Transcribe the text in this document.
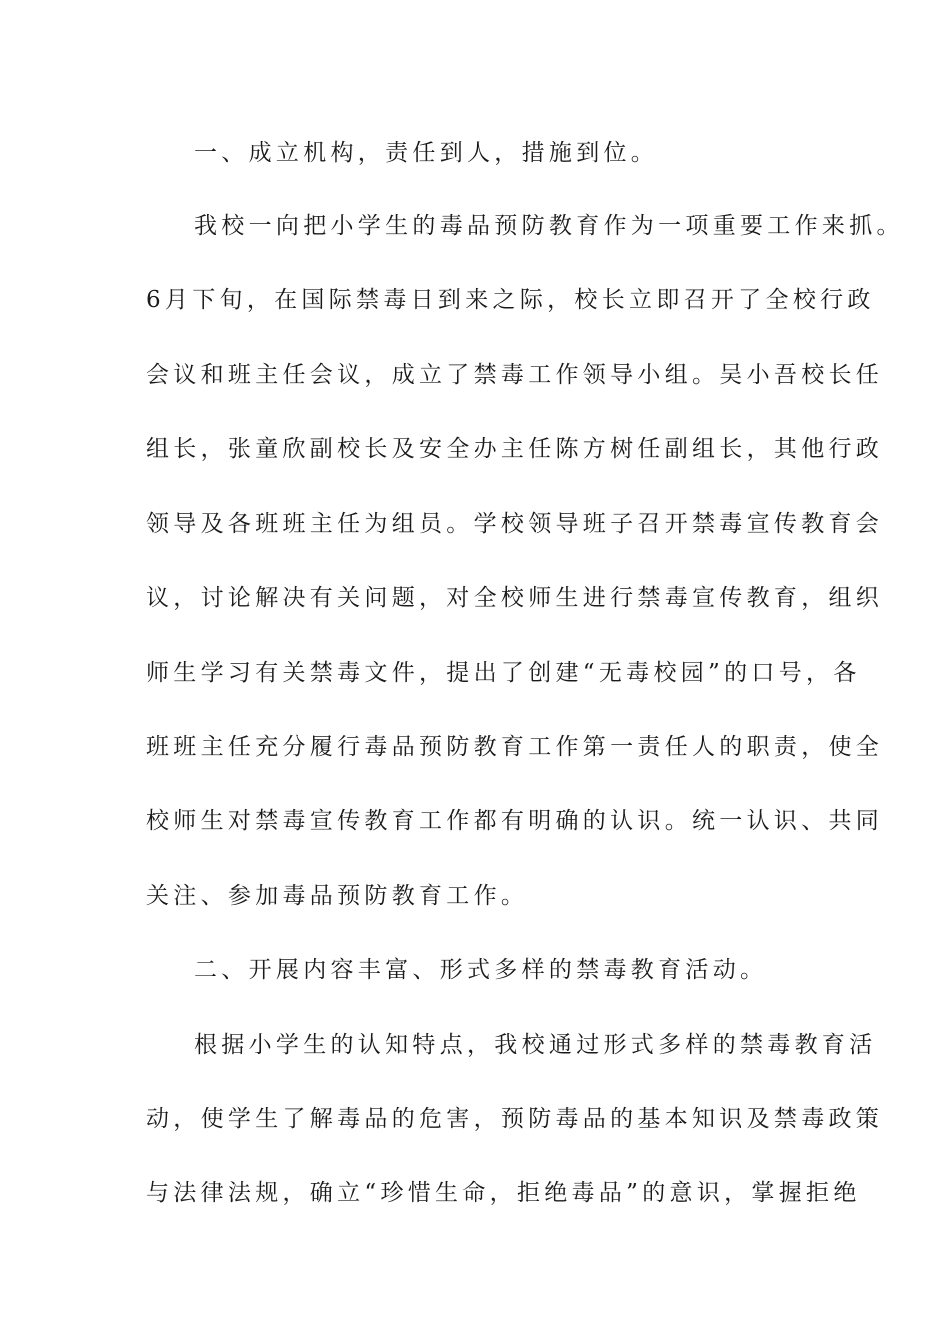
一、成立机构，责任到人，措施到位。
我校一向把小学生的毒品预防教育作为一项重要工作来抓。
6月下旬，在国际禁毒日到来之际，校长立即召开了全校行政
会议和班主任会议，成立了禁毒工作领导小组。吴小吾校长任
组长，张童欣副校长及安全办主任陈方树任副组长，其他行政
领导及各班班主任为组员。学校领导班子召开禁毒宣传教育会
议，讨论解决有关问题，对全校师生进行禁毒宣传教育，组织
师生学习有关禁毒文件，提出了创建“无毒校园”的口号，各
班班主任充分履行毒品预防教育工作第一责任人的职责，使全
校师生对禁毒宣传教育工作都有明确的认识。统一认识、共同
关注、参加毒品预防教育工作。
二、开展内容丰富、形式多样的禁毒教育活动。
根据小学生的认知特点，我校通过形式多样的禁毒教育活
动，使学生了解毒品的危害，预防毒品的基本知识及禁毒政策
与法律法规，确立“珍惜生命，拒绝毒品”的意识，掌握拒绝
